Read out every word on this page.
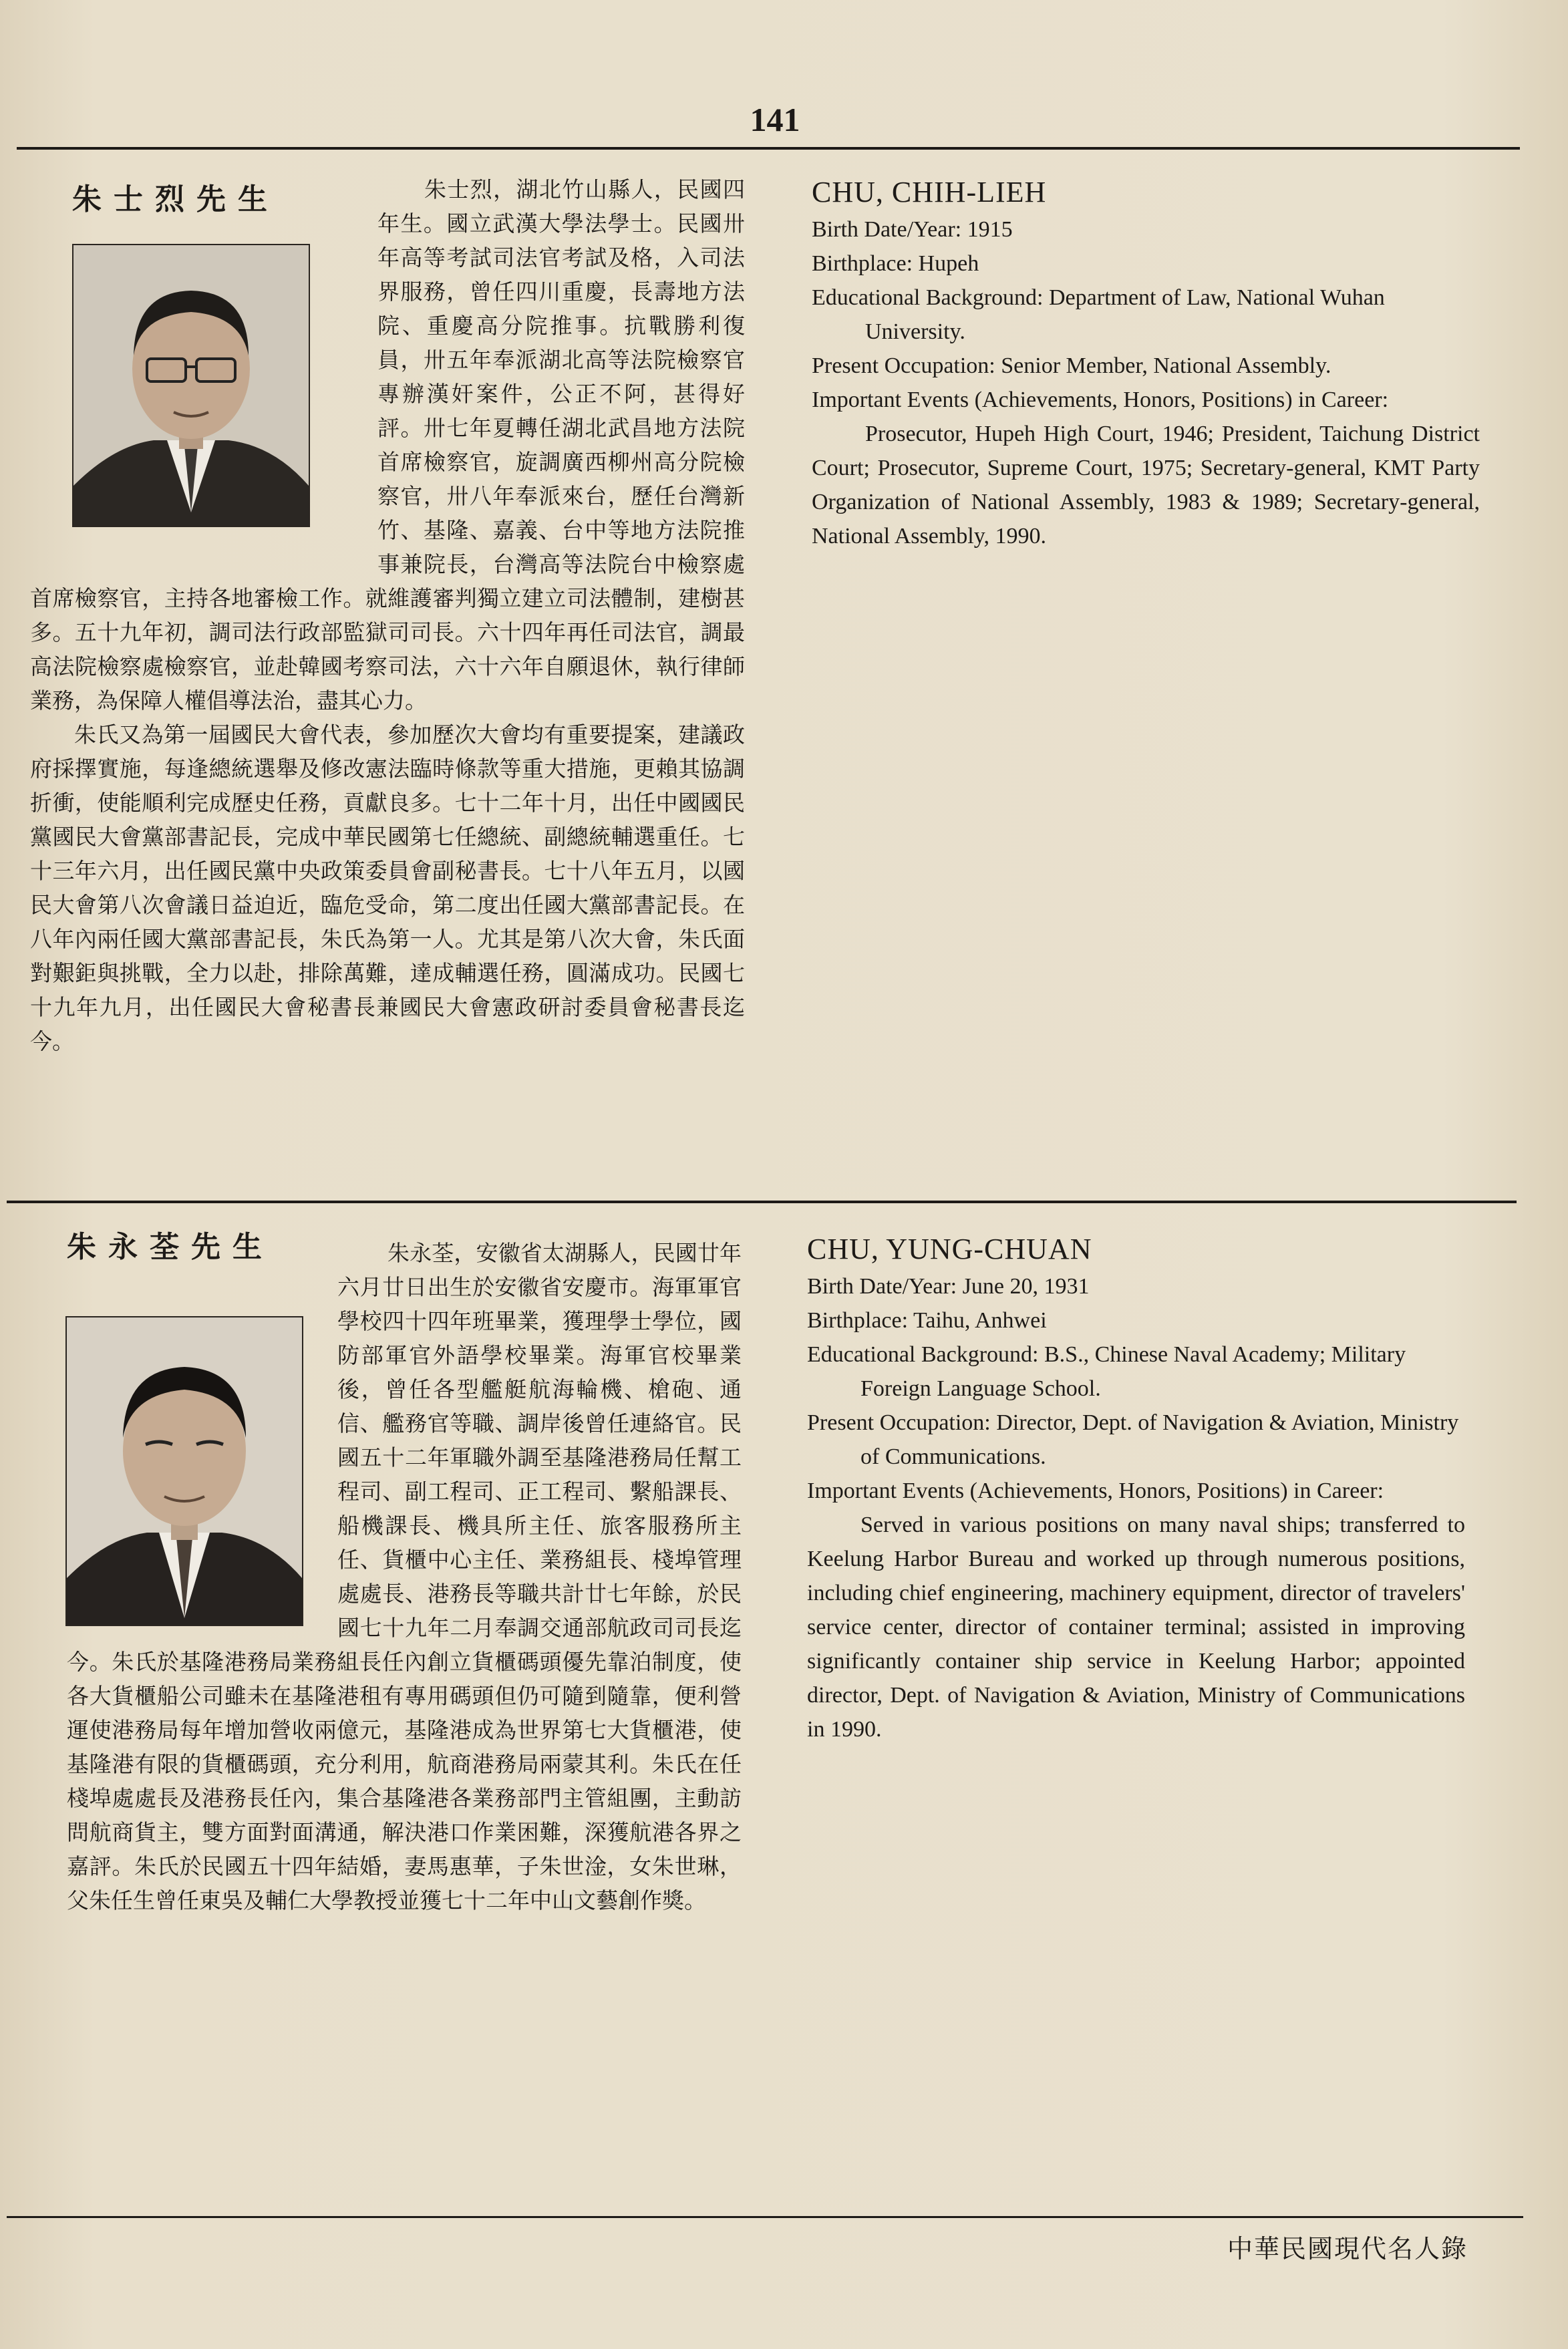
141
朱士烈先生	朱士烈，湖北竹山縣人，民國四年生。國立武漢大學法學士。民國卅年高等考試司法官考試及格，入司法界服務，曾任四川重慶，長壽地方法院、重慶高分院推事。抗戰勝利復員，卅五年奉派湖北高等法院檢察官專辦漢奸案件，公正不阿，甚得好評。卅七年夏轉任湖北武昌地方法院首席檢察官，旋調廣西柳州高分院檢察官，卅八年奉派來台，歷任台灣新竹、基隆、嘉義、台中等地方法院推事兼院長，台灣高等法院台中檢察處首席檢察官，主持各地審檢工作。就維護審判獨立建立司法體制，建樹甚多。五十九年初，調司法行政部監獄司司長。六十四年再任司法官，調最高法院檢察處檢察官，並赴韓國考察司法，六十六年自願退休，執行律師業務，為保障人權倡導法治，盡其心力。

朱氏又為第一屆國民大會代表，參加歷次大會均有重要提案，建議政府採擇實施，每逢總統選舉及修改憲法臨時條款等重大措施，更賴其協調折衝，使能順利完成歷史任務，貢獻良多。七十二年十月，出任中國國民黨國民大會黨部書記長，完成中華民國第七任總統、副總統輔選重任。七十三年六月，出任國民黨中央政策委員會副秘書長。七十八年五月，以國民大會第八次會議日益迫近，臨危受命，第二度出任國大黨部書記長。在八年內兩任國大黨部書記長，朱氏為第一人。尤其是第八次大會，朱氏面對艱鉅與挑戰，全力以赴，排除萬難，達成輔選任務，圓滿成功。民國七十九年九月，出任國民大會秘書長兼國民大會憲政研討委員會秘書長迄今。

CHU, CHIH-LIEH

Birth Date/Year: 1915

Birthplace: Hupeh

Educational Background: Department of Law, National Wuhan University.

Present Occupation: Senior Member, National Assembly.

Important Events (Achievements, Honors, Positions) in Career:

Prosecutor, Hupeh High Court, 1946; President, Taichung District Court; Prosecutor, Supreme Court, 1975; Secretary-general, KMT Party Organization of National Assembly, 1983 & 1989; Secretary-general, National Assembly, 1990.

朱永荃先生	朱永荃，安徽省太湖縣人，民國廿年六月廿日出生於安徽省安慶市。海軍軍官學校四十四年班畢業，獲理學士學位，國防部軍官外語學校畢業。海軍官校畢業後，曾任各型艦艇航海輪機、槍砲、通信、艦務官等職、調岸後曾任連絡官。民國五十二年軍職外調至基隆港務局任幫工程司、副工程司、正工程司、繫船課長、船機課長、機具所主任、旅客服務所主任、貨櫃中心主任、業務組長、棧埠管理處處長、港務長等職共計廿七年餘，於民國七十九年二月奉調交通部航政司司長迄今。朱氏於基隆港務局業務組長任內創立貨櫃碼頭優先靠泊制度，使各大貨櫃船公司雖未在基隆港租有專用碼頭但仍可隨到隨靠，便利營運使港務局每年增加營收兩億元，基隆港成為世界第七大貨櫃港，使基隆港有限的貨櫃碼頭，充分利用，航商港務局兩蒙其利。朱氏在任棧埠處處長及港務長任內，集合基隆港各業務部門主管組團，主動訪問航商貨主，雙方面對面溝通，解決港口作業困難，深獲航港各界之嘉評。朱氏於民國五十四年結婚，妻馬惠華，子朱世淦，女朱世琳，父朱任生曾任東吳及輔仁大學教授並獲七十二年中山文藝創作獎。

CHU, YUNG-CHUAN

Birth Date/Year: June 20, 1931

Birthplace: Taihu, Anhwei

Educational Background: B.S., Chinese Naval Academy; Military Foreign Language School.

Present Occupation: Director, Dept. of Navigation & Aviation, Ministry of Communications.

Important Events (Achievements, Honors, Positions) in Career:

Served in various positions on many naval ships; transferred to Keelung Harbor Bureau and worked up through numerous positions, including chief engineering, machinery equipment, director of travelers' service center, director of container terminal; assisted in improving significantly container ship service in Keelung Harbor; appointed director, Dept. of Navigation & Aviation, Ministry of Communications in 1990.

中華民國現代名人錄
